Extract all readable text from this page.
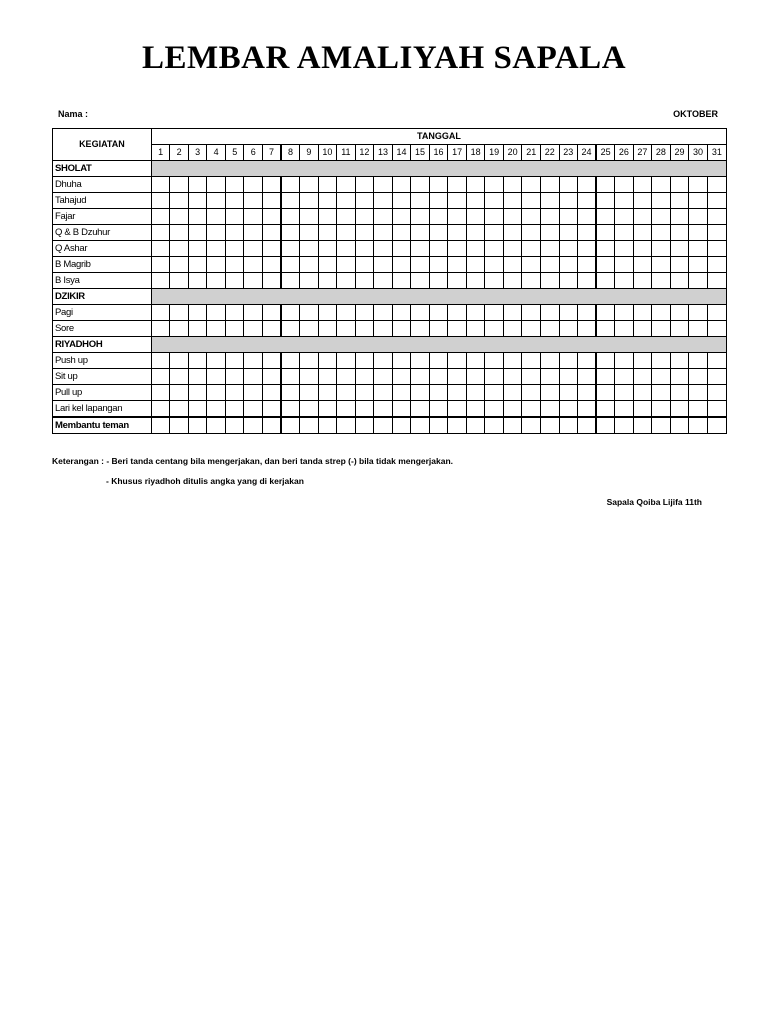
LEMBAR AMALIYAH SAPALA
Nama :	OKTOBER
KEGIATAN	TANGGAL																														
	1	2	3	4	5	6	7	8	9	10	11	12	13	14	15	16	17	18	19	20	21	22	23	24	25	26	27	28	29	30	31
SHOLAT																															
Dhuha																															
Tahajud																															
Fajar																															
Q & B Dzuhur																															
Q Ashar																															
B Magrib																															
B Isya																															
DZIKIR																															
Pagi																															
Sore																															
RIYADHOH																															
Push up																															
Sit up																															
Pull up																															
Lari kel lapangan																															
Membantu teman																															
Keterangan : - Beri tanda centang bila mengerjakan, dan beri tanda strep (-) bila tidak mengerjakan.
- Khusus riyadhoh ditulis angka yang di kerjakan
Sapala Qoiba Lijifa 11th
